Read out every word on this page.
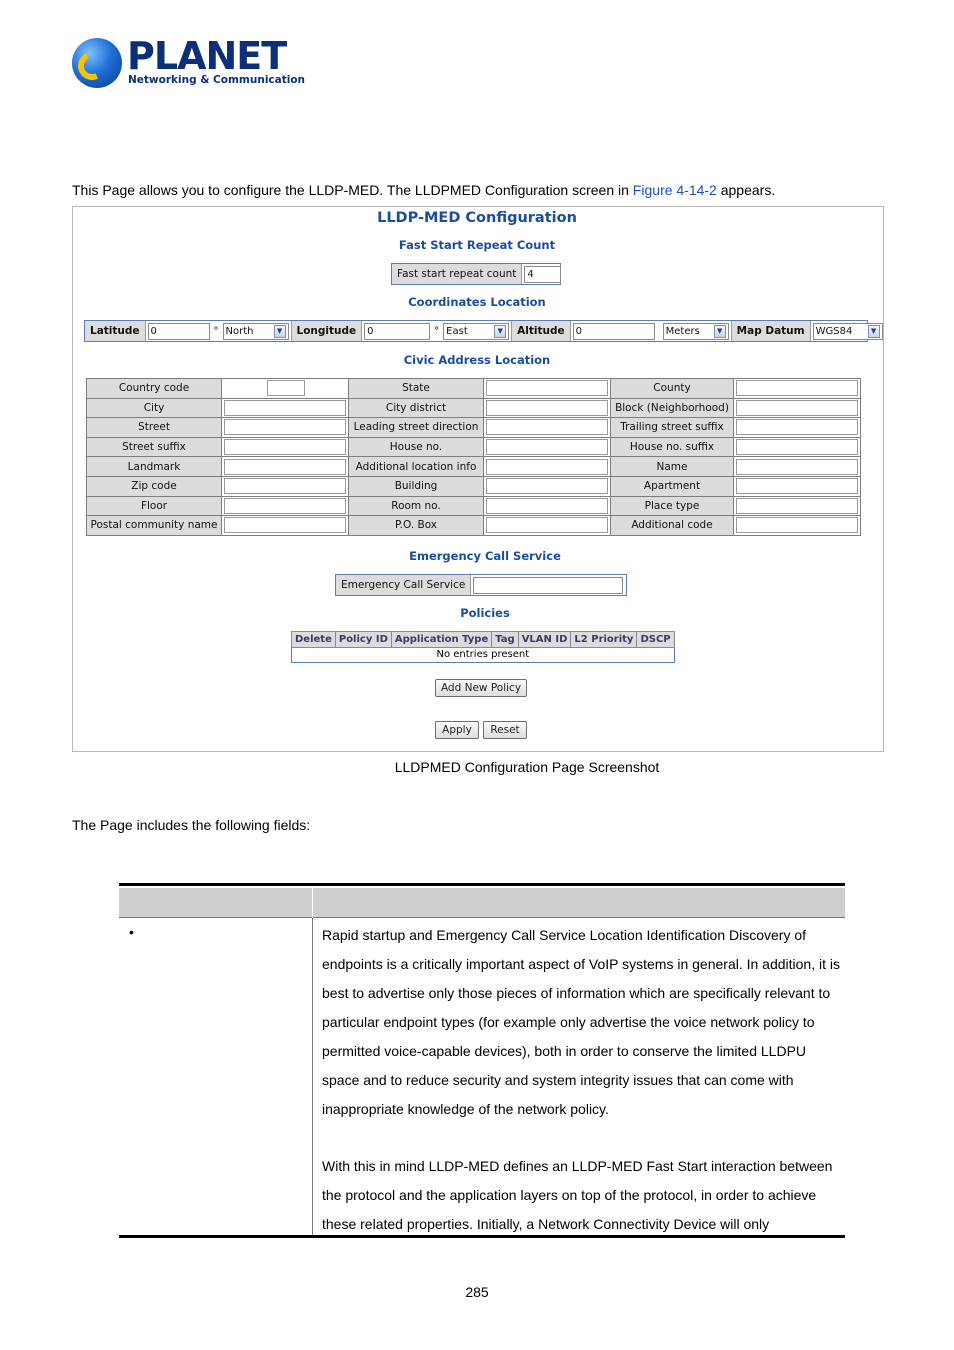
PLANET
Networking & Communication
This Page allows you to configure the LLDP-MED. The LLDPMED Configuration screen in Figure 4-14-2 appears.
LLDP-MED Configuration
Fast Start Repeat Count
Fast start repeat count	4
Coordinates Location
Latitude	0	° North	▼	Longitude	0	° East	▼	Altitude	0	Meters	▼	Map Datum	WGS84	▼
Civic Address Location
Country code		State		County	

City		City district		Block (Neighborhood)	

Street		Leading street direction		Trailing street suffix	

Street suffix		House no.		House no. suffix	

Landmark		Additional location info		Name	

Zip code		Building		Apartment	

Floor		Room no.		Place type	

Postal community name		P.O. Box		Additional code	
Emergency Call Service
Emergency Call Service
Policies
Delete	Policy ID	Application Type	Tag	VLAN ID	L2 Priority	DSCP
No entries present
Add New Policy
Apply	Reset
LLDPMED Configuration Page Screenshot
The Page includes the following fields:
•	Rapid startup and Emergency Call Service Location Identification Discovery of endpoints is a critically important aspect of VoIP systems in general. In addition, it is best to advertise only those pieces of information which are specifically relevant to particular endpoint types (for example only advertise the voice network policy to permitted voice-capable devices), both in order to conserve the limited LLDPU space and to reduce security and system integrity issues that can come with inappropriate knowledge of the network policy.

With this in mind LLDP-MED defines an LLDP-MED Fast Start interaction between the protocol and the application layers on top of the protocol, in order to achieve these related properties. Initially, a Network Connectivity Device will only

285
